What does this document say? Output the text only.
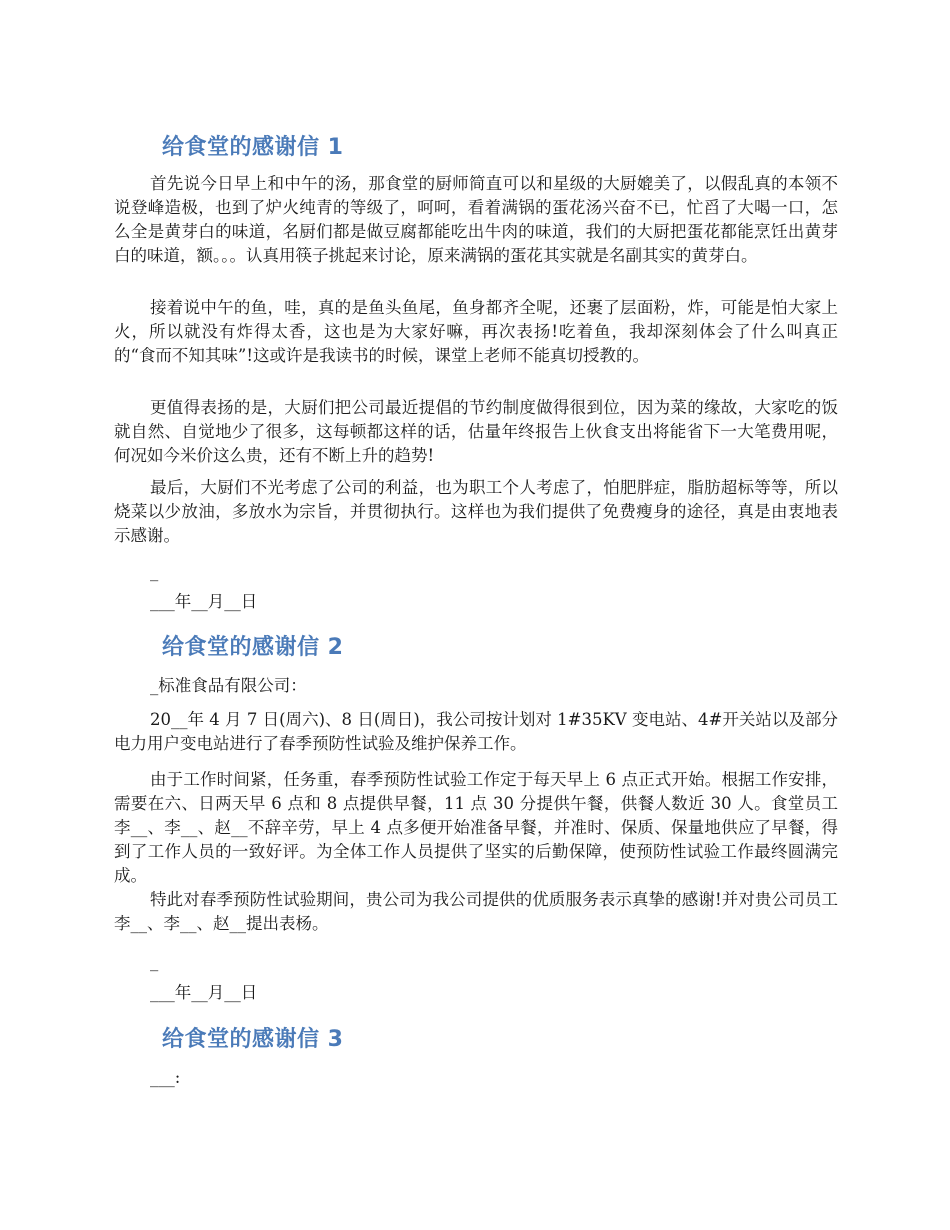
给食堂的感谢信 1

首先说今日早上和中午的汤，那食堂的厨师简直可以和星级的大厨媲美了，以假乱真的本领不说登峰造极，也到了炉火纯青的等级了，呵呵，看着满锅的蛋花汤兴奋不已，忙舀了大喝一口，怎么全是黄芽白的味道，名厨们都是做豆腐都能吃出牛肉的味道，我们的大厨把蛋花都能烹饪出黄芽白的味道，额。。。认真用筷子挑起来讨论，原来满锅的蛋花其实就是名副其实的黄芽白。

接着说中午的鱼，哇，真的是鱼头鱼尾，鱼身都齐全呢，还裹了层面粉，炸，可能是怕大家上火，所以就没有炸得太香，这也是为大家好嘛，再次表扬!吃着鱼，我却深刻体会了什么叫真正的“食而不知其味”!这或许是我读书的时候，课堂上老师不能真切授教的。

更值得表扬的是，大厨们把公司最近提倡的节约制度做得很到位，因为菜的缘故，大家吃的饭就自然、自觉地少了很多，这每顿都这样的话，估量年终报告上伙食支出将能省下一大笔费用呢，何况如今米价这么贵，还有不断上升的趋势!

最后，大厨们不光考虑了公司的利益，也为职工个人考虑了，怕肥胖症，脂肪超标等等，所以烧菜以少放油，多放水为宗旨，并贯彻执行。这样也为我们提供了免费瘦身的途径，真是由衷地表示感谢。

_
___年__月__日
给食堂的感谢信 2
_标准食品有限公司：

20__年 4 月 7 日(周六)、8 日(周日)，我公司按计划对 1#35KV 变电站、4#开关站以及部分电力用户变电站进行了春季预防性试验及维护保养工作。

由于工作时间紧，任务重，春季预防性试验工作定于每天早上 6 点正式开始。根据工作安排，需要在六、日两天早 6 点和 8 点提供早餐，11 点 30 分提供午餐，供餐人数近 30 人。食堂员工李__、李__、赵__不辞辛劳，早上 4 点多便开始准备早餐，并准时、保质、保量地供应了早餐，得到了工作人员的一致好评。为全体工作人员提供了坚实的后勤保障，使预防性试验工作最终圆满完成。

特此对春季预防性试验期间，贵公司为我公司提供的优质服务表示真挚的感谢!并对贵公司员工李__、李__、赵__提出表杨。

_
___年__月__日
给食堂的感谢信 3
___:
